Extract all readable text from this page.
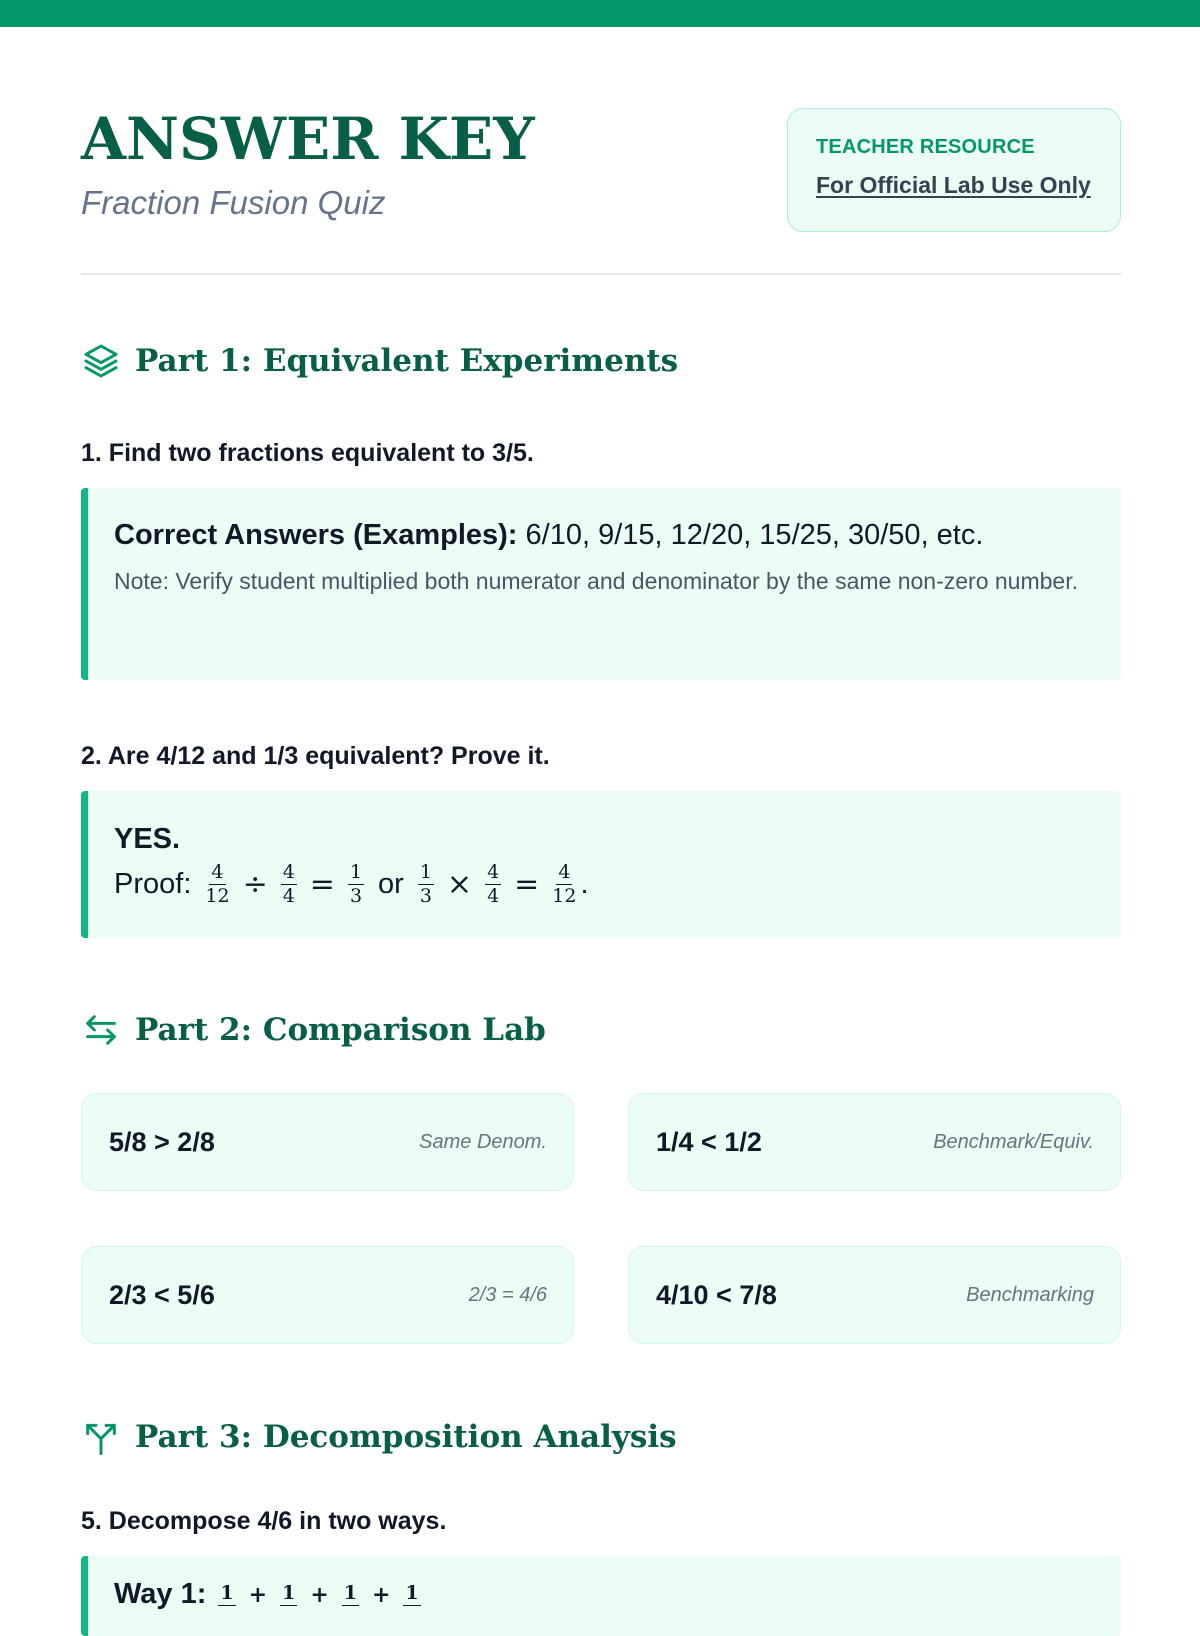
ANSWER KEY
Fraction Fusion Quiz
TEACHER RESOURCE
For Official Lab Use Only
Part 1: Equivalent Experiments
1. Find two fractions equivalent to 3/5.
Correct Answers (Examples): 6/10, 9/15, 12/20, 15/25, 30/50, etc.
Note: Verify student multiplied both numerator and denominator by the same non-zero number.
2. Are 4/12 and 1/3 equivalent? Prove it.
YES.
Proof: $\frac{4}{12} \div \frac{4}{4} = \frac{1}{3}$ or $\frac{1}{3} \times \frac{4}{4} = \frac{4}{12}$ .
Part 2: Comparison Lab
5/8 > 2/8	Same Denom.	1/4 < 1/2	Benchmark/Equiv.
2/3 < 5/6	2/3 = 4/6	4/10 < 7/8	Benchmarking
Part 3: Decomposition Analysis
5. Decompose 4/6 in two ways.
Way 1: 1 + 1 + 1 + 1
